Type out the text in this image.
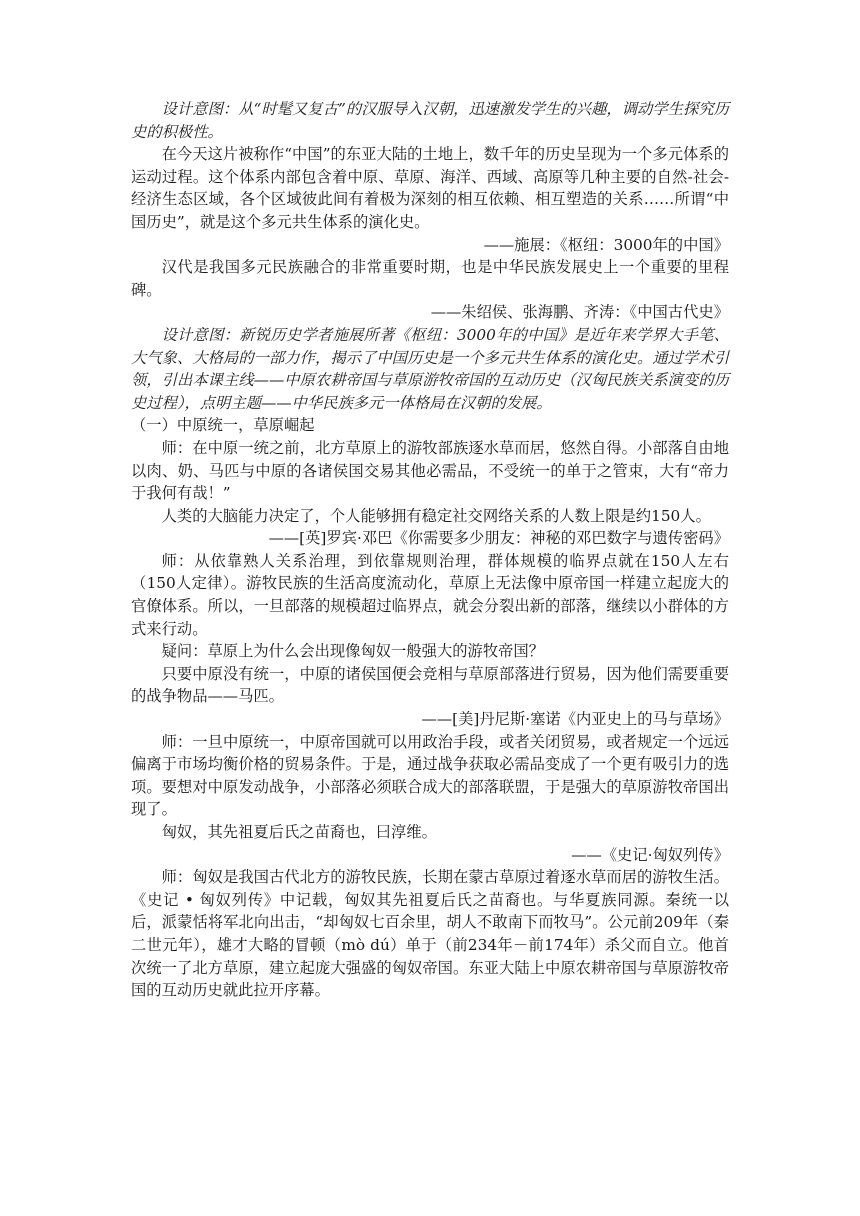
设计意图：从“时髦又复古”的汉服导入汉朝，迅速激发学生的兴趣，调动学生探究历史的积极性。

在今天这片被称作“中国”的东亚大陆的土地上，数千年的历史呈现为一个多元体系的运动过程。这个体系内部包含着中原、草原、海洋、西域、高原等几种主要的自然-社会-经济生态区域，各个区域彼此间有着极为深刻的相互依赖、相互塑造的关系……所谓“中国历史”，就是这个多元共生体系的演化史。

——施展：《枢纽：3000年的中国》

汉代是我国多元民族融合的非常重要时期，也是中华民族发展史上一个重要的里程碑。

——朱绍侯、张海鹏、齐涛：《中国古代史》

设计意图：新锐历史学者施展所著《枢纽：3000年的中国》是近年来学界大手笔、大气象、大格局的一部力作，揭示了中国历史是一个多元共生体系的演化史。通过学术引领，引出本课主线——中原农耕帝国与草原游牧帝国的互动历史（汉匈民族关系演变的历史过程），点明主题——中华民族多元一体格局在汉朝的发展。

（一）中原统一，草原崛起

师：在中原一统之前，北方草原上的游牧部族逐水草而居，悠然自得。小部落自由地以肉、奶、马匹与中原的各诸侯国交易其他必需品，不受统一的单于之管束，大有“帝力于我何有哉！”

人类的大脑能力决定了，个人能够拥有稳定社交网络关系的人数上限是约150人。

——[英]罗宾·邓巴《你需要多少朋友：神秘的邓巴数字与遗传密码》

师：从依靠熟人关系治理，到依靠规则治理，群体规模的临界点就在150人左右（150人定律）。游牧民族的生活高度流动化，草原上无法像中原帝国一样建立起庞大的官僚体系。所以，一旦部落的规模超过临界点，就会分裂出新的部落，继续以小群体的方式来行动。

疑问：草原上为什么会出现像匈奴一般强大的游牧帝国？

只要中原没有统一，中原的诸侯国便会竞相与草原部落进行贸易，因为他们需要重要的战争物品——马匹。

——[美]丹尼斯·塞诺《内亚史上的马与草场》

师：一旦中原统一，中原帝国就可以用政治手段，或者关闭贸易，或者规定一个远远偏离于市场均衡价格的贸易条件。于是，通过战争获取必需品变成了一个更有吸引力的选项。要想对中原发动战争，小部落必须联合成大的部落联盟，于是强大的草原游牧帝国出现了。

匈奴，其先祖夏后氏之苗裔也，曰淳维。

——《史记·匈奴列传》

师：匈奴是我国古代北方的游牧民族，长期在蒙古草原过着逐水草而居的游牧生活。《史记 • 匈奴列传》中记载，匈奴其先祖夏后氏之苗裔也。与华夏族同源。秦统一以后，派蒙恬将军北向出击，“却匈奴七百余里，胡人不敢南下而牧马”。公元前209年（秦二世元年），雄才大略的冒顿（mò dú）单于（前234年－前174年）杀父而自立。他首次统一了北方草原，建立起庞大强盛的匈奴帝国。东亚大陆上中原农耕帝国与草原游牧帝国的互动历史就此拉开序幕。
